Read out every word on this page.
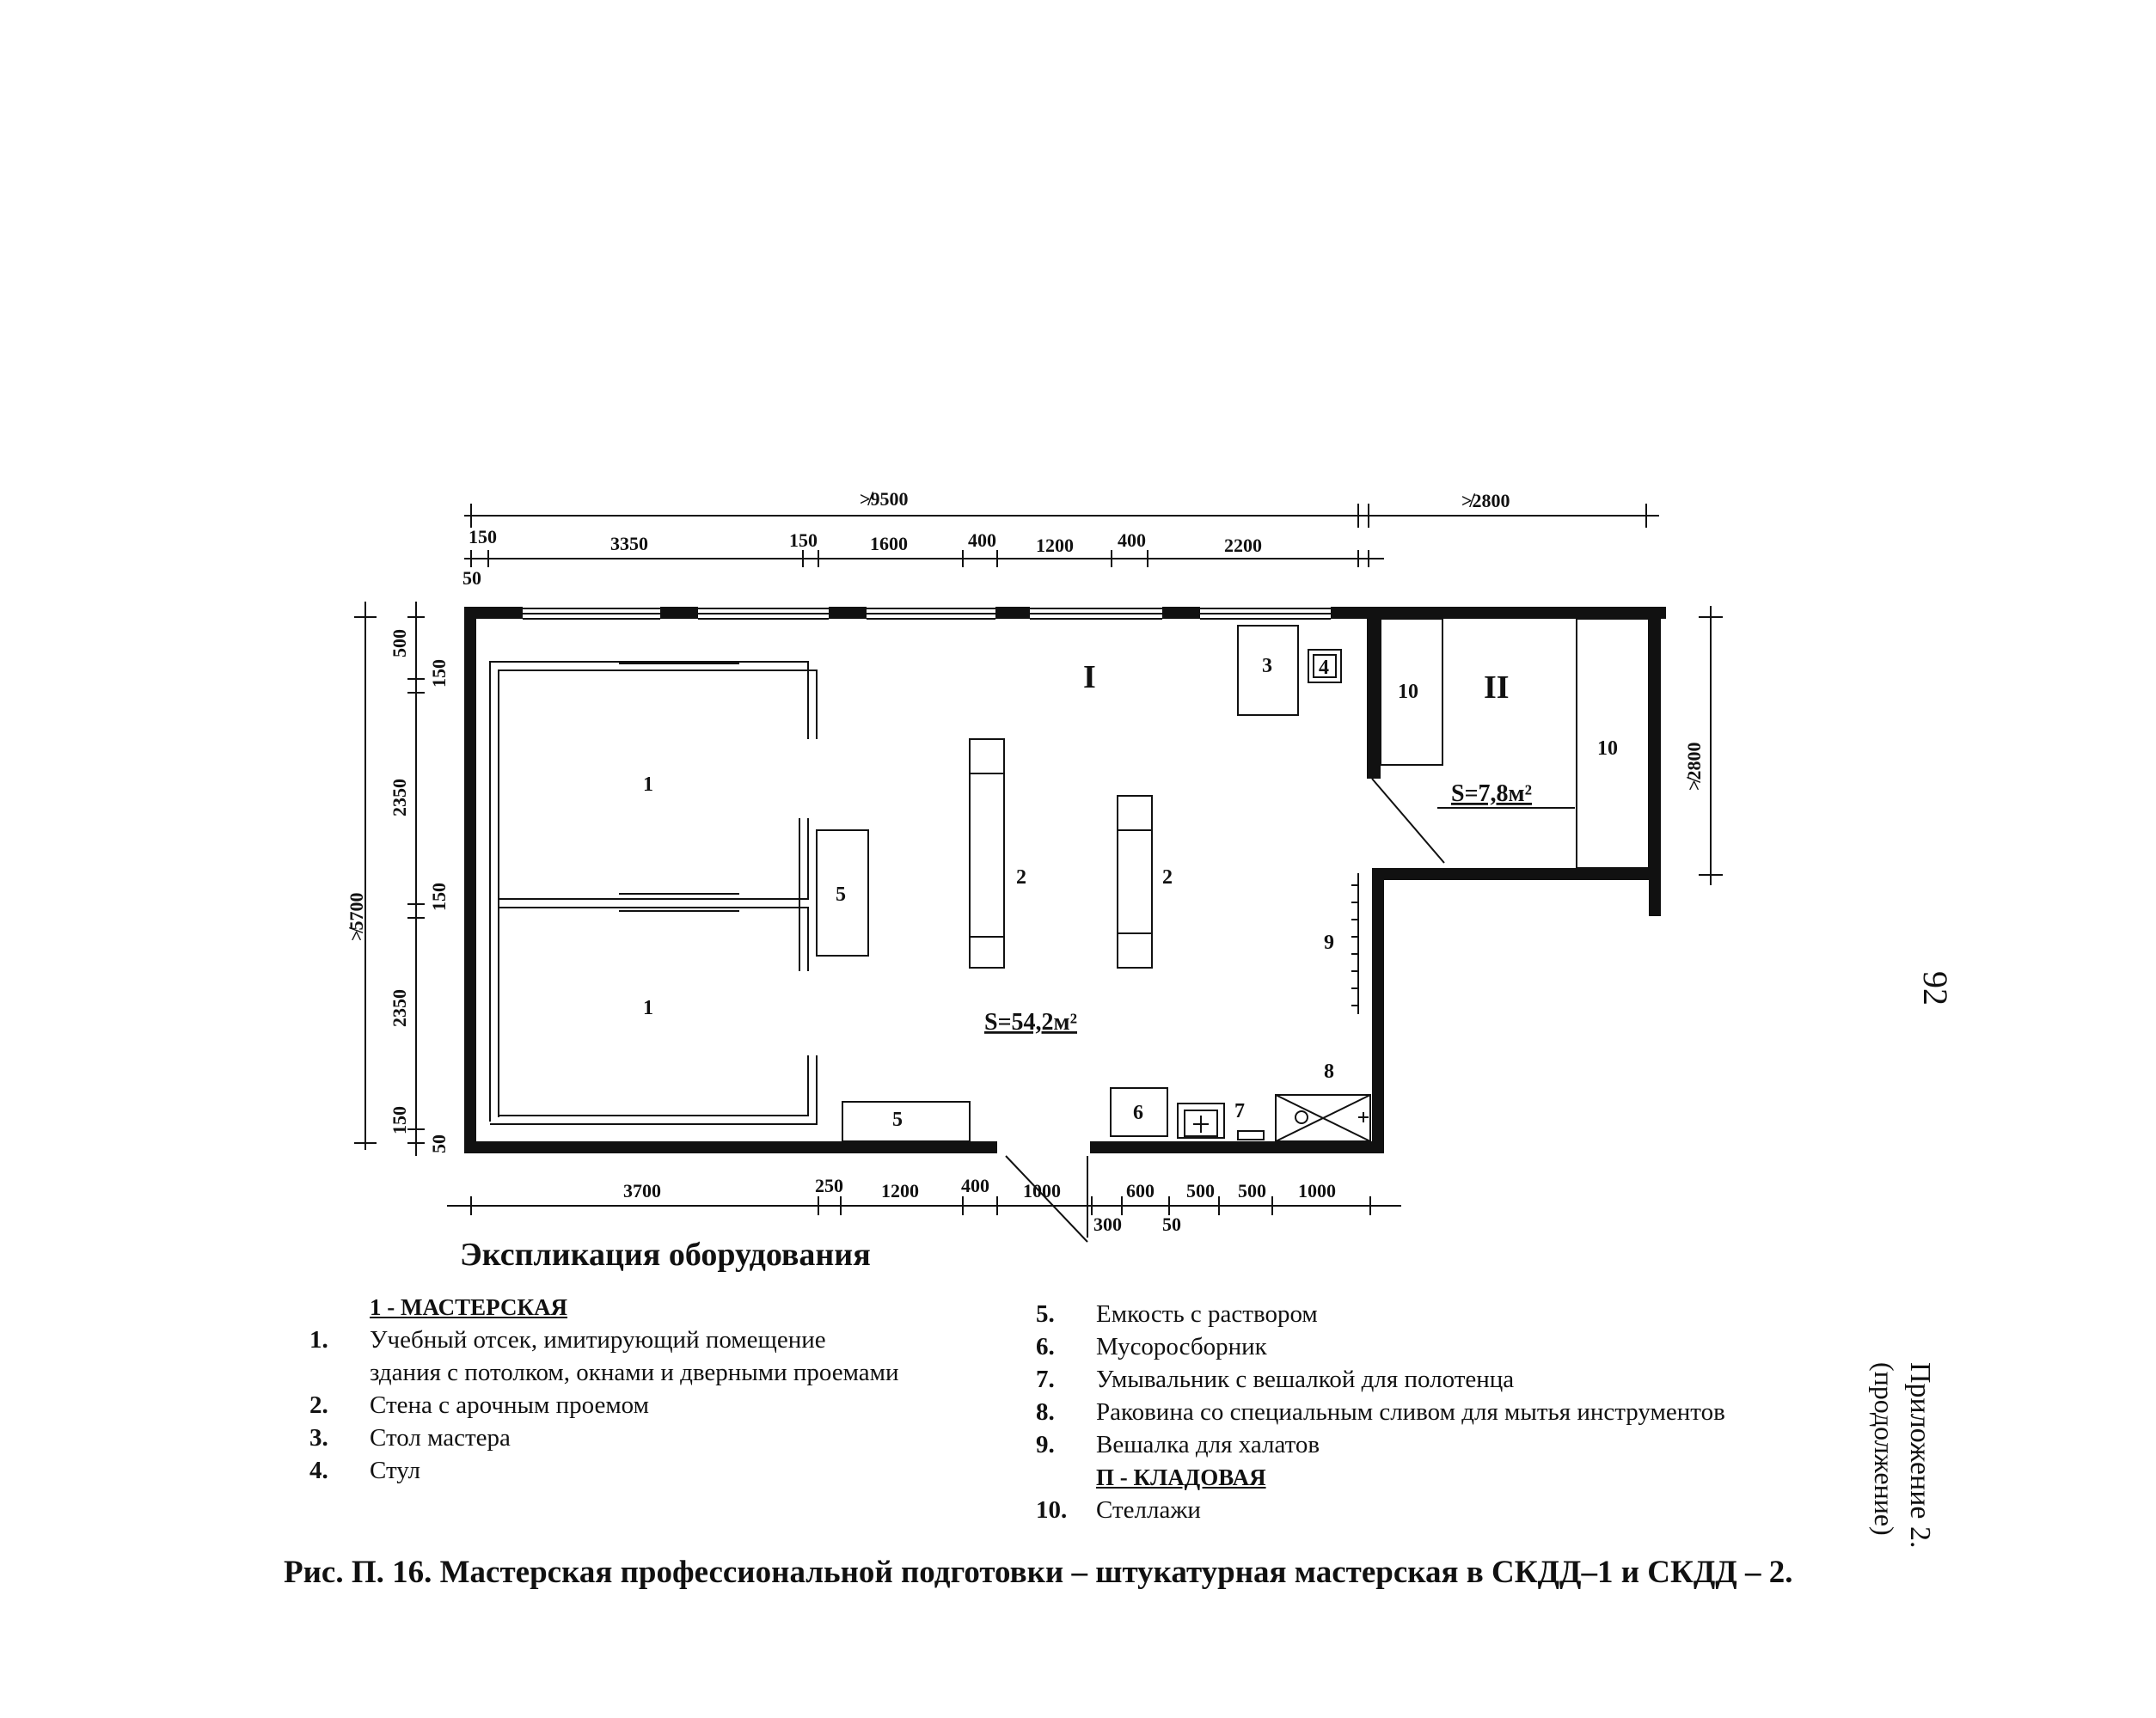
≯9500	≯2800
150	3350	150	1600	400 1200 400	2200
50
≯5700
500
150
2350
150
2350
150
50
≯2800
3700	250 1200 400 1000	600 500 500 1000
300 50
1
1
5
5
2	2
3 4
6	7
8
9
10
10
I	II
S=54,2м²
S=7,8м²
Экспликация оборудования
1 - МАСТЕРСКАЯ
1.	Учебный отсек, имитирующий помещение
здания с потолком, окнами и дверными проемами
2.	Стена с арочным проемом
3.	Стол мастера
4.	Стул
5.	Емкость с раствором
6.	Мусоросборник
7.	Умывальник с вешалкой для полотенца
8.	Раковина со специальным сливом для мытья инструментов
9.	Вешалка для халатов
П - КЛАДОВАЯ
10.	Стеллажи
Рис. П. 16. Мастерская профессиональной подготовки – штукатурная мастерская в СКДД–1 и СКДД – 2.
Приложение 2.
(продолжение)
92
